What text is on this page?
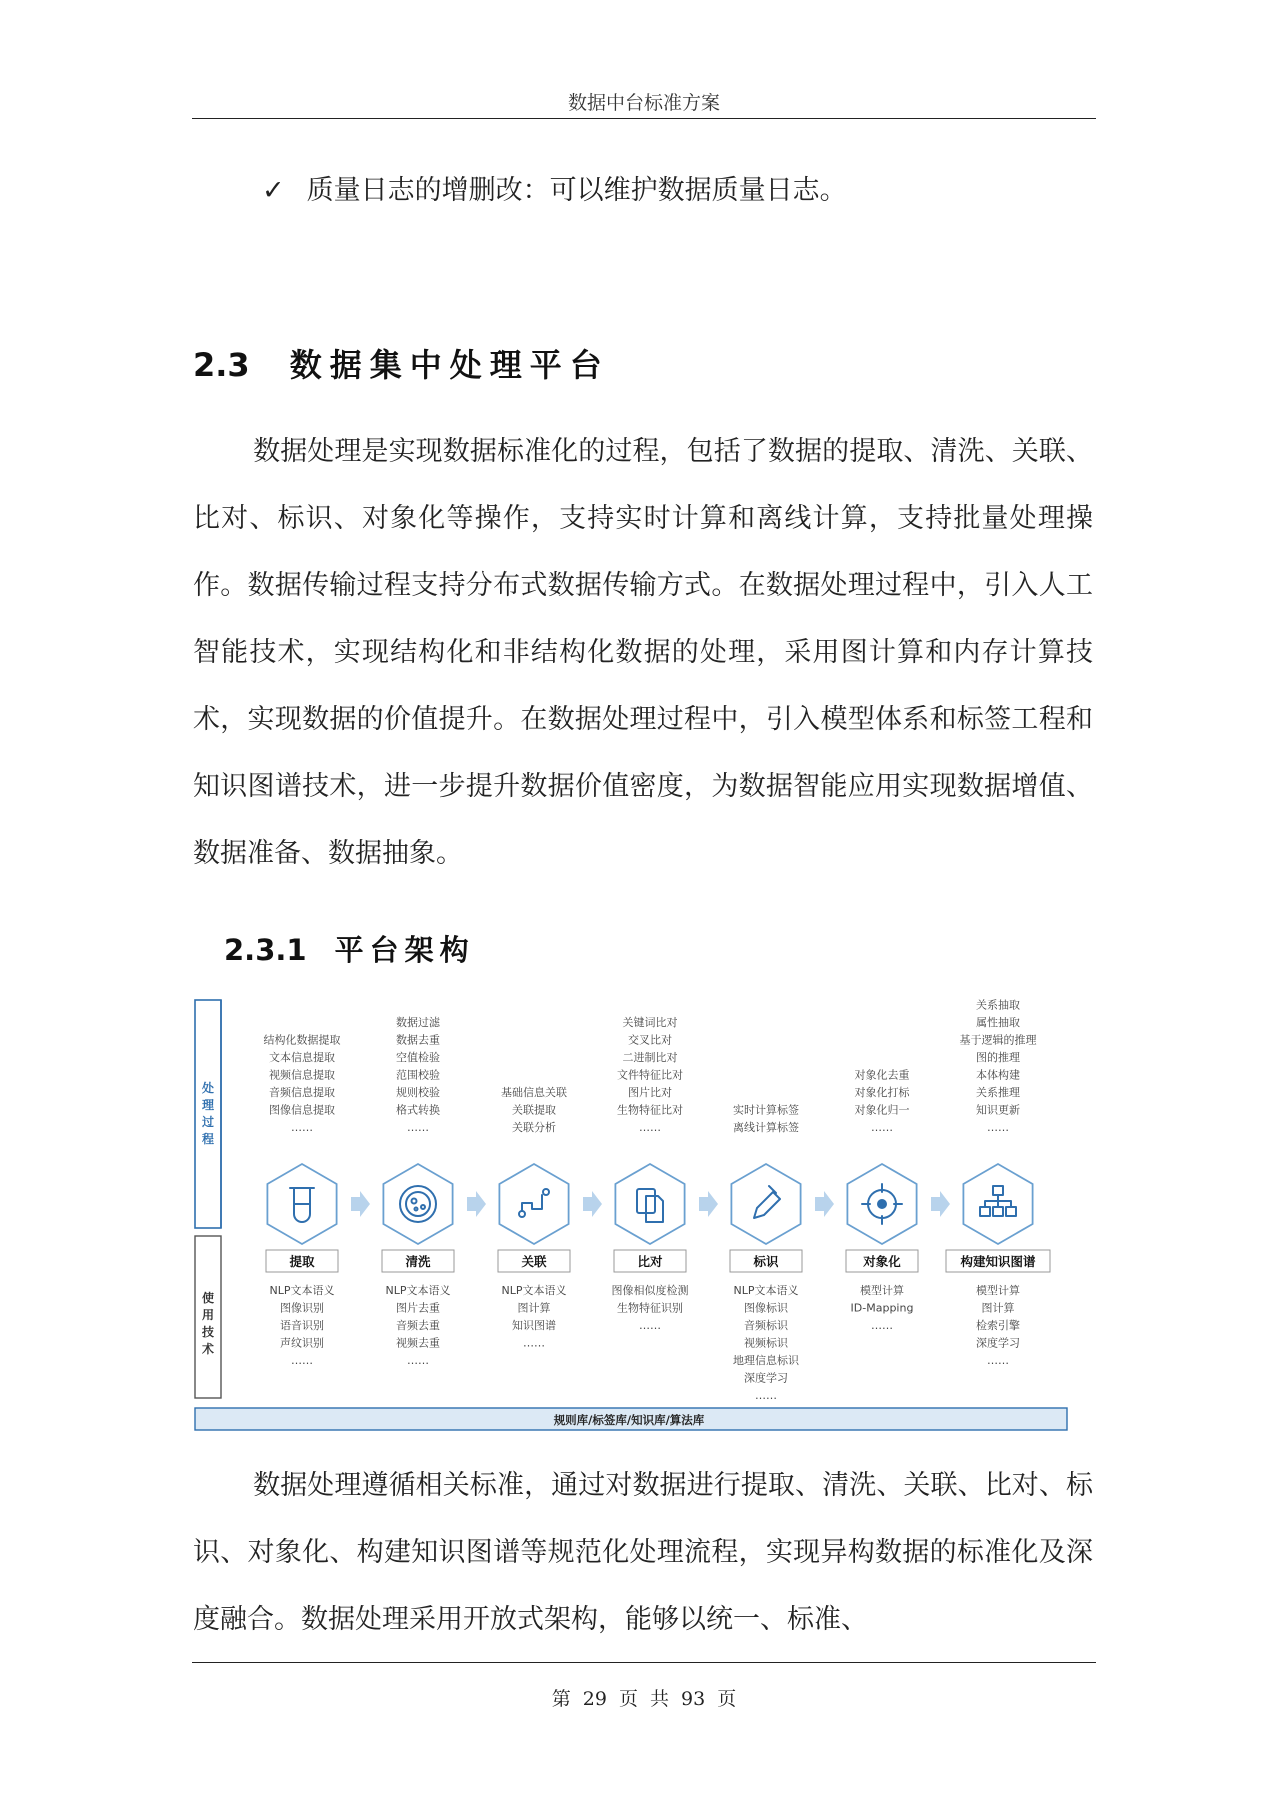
数据中台标准方案
✓ 质量日志的增删改：可以维护数据质量日志。
2.3 数据集中处理平台
数据处理是实现数据标准化的过程，包括了数据的提取、清洗、关联、比对、标识、对象化等操作，支持实时计算和离线计算，支持批量处理操作。数据传输过程支持分布式数据传输方式。在数据处理过程中，引入人工智能技术，实现结构化和非结构化数据的处理，采用图计算和内存计算技术，实现数据的价值提升。在数据处理过程中，引入模型体系和标签工程和知识图谱技术，进一步提升数据价值密度，为数据智能应用实现数据增值、数据准备、数据抽象。
2.3.1 平台架构
处理过程
使用技术
规则库/标签库/知识库/算法库
结构化数据提取
文本信息提取
视频信息提取
音频信息提取
图像信息提取
……
提取
NLP文本语义
图像识别
语音识别
声纹识别
……
数据过滤
数据去重
空值检验
范围校验
规则校验
格式转换
……
清洗
NLP文本语义
图片去重
音频去重
视频去重
……
基础信息关联
关联提取
关联分析
关联
NLP文本语义
图计算
知识图谱
……
关键词比对
交叉比对
二进制比对
文件特征比对
图片比对
生物特征比对
……
比对
图像相似度检测
生物特征识别
……
实时计算标签
离线计算标签
标识
NLP文本语义
图像标识
音频标识
视频标识
地理信息标识
深度学习
……
对象化去重
对象化打标
对象化归一
……
对象化
模型计算
ID-Mapping
……
关系抽取
属性抽取
基于逻辑的推理
图的推理
本体构建
关系推理
知识更新
……
构建知识图谱
模型计算
图计算
检索引擎
深度学习
……
数据处理遵循相关标准，通过对数据进行提取、清洗、关联、比对、标识、对象化、构建知识图谱等规范化处理流程，实现异构数据的标准化及深度融合。数据处理采用开放式架构，能够以统一、标准、
第 29 页 共 93 页
